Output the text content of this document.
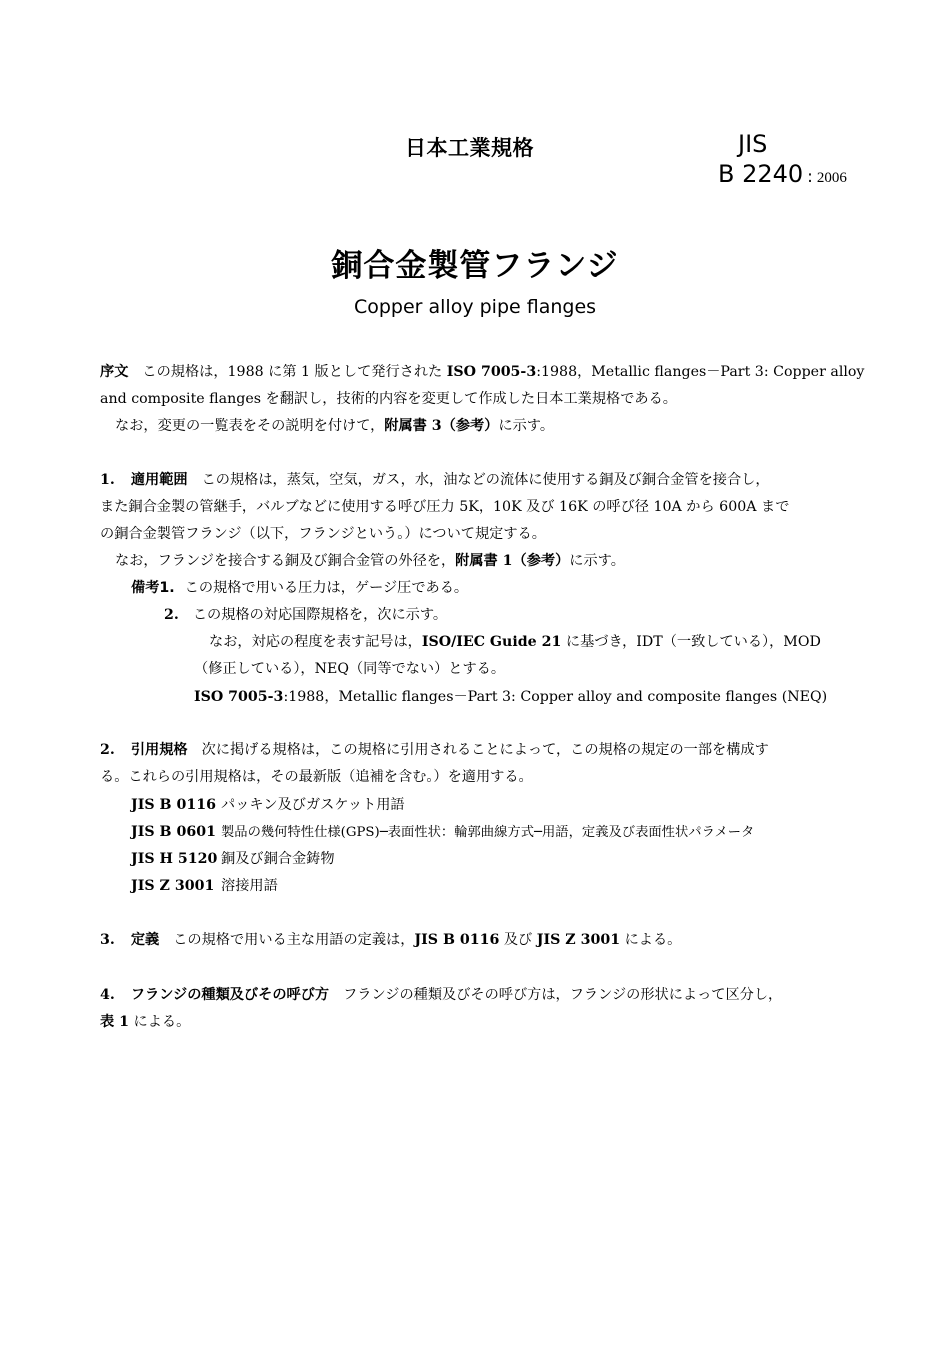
日本工業規格	JIS
B 2240 : 2006
銅合金製管フランジ
Copper alloy pipe flanges
序文 この規格は，1988 に第 1 版として発行された ISO 7005-3:1988，Metallic flanges－Part 3: Copper alloy
and composite flanges を翻訳し，技術的内容を変更して作成した日本工業規格である。
なお，変更の一覧表をその説明を付けて，附属書 3（参考）に示す。
1. 適用範囲 この規格は，蒸気，空気，ガス，水，油などの流体に使用する銅及び銅合金管を接合し，
また銅合金製の管継手，バルブなどに使用する呼び圧力 5K，10K 及び 16K の呼び径 10A から 600A まで
の銅合金製管フランジ（以下，フランジという。）について規定する。
なお，フランジを接合する銅及び銅合金管の外径を，附属書 1（参考）に示す。
備考1. この規格で用いる圧力は，ゲージ圧である。
2. この規格の対応国際規格を，次に示す。
なお，対応の程度を表す記号は，ISO/IEC Guide 21 に基づき，IDT（一致している），MOD
（修正している），NEQ（同等でない）とする。
ISO 7005-3:1988，Metallic flanges－Part 3: Copper alloy and composite flanges (NEQ)
2. 引用規格 次に掲げる規格は，この規格に引用されることによって，この規格の規定の一部を構成す
る。これらの引用規格は，その最新版（追補を含む。）を適用する。
JIS B 0116 パッキン及びガスケット用語
JIS B 0601 製品の幾何特性仕様(GPS)─表面性状：輪郭曲線方式─用語，定義及び表面性状パラメータ
JIS H 5120 銅及び銅合金鋳物
JIS Z 3001 溶接用語
3. 定義 この規格で用いる主な用語の定義は，JIS B 0116 及び JIS Z 3001 による。
4. フランジの種類及びその呼び方 フランジの種類及びその呼び方は，フランジの形状によって区分し，
表 1 による。
